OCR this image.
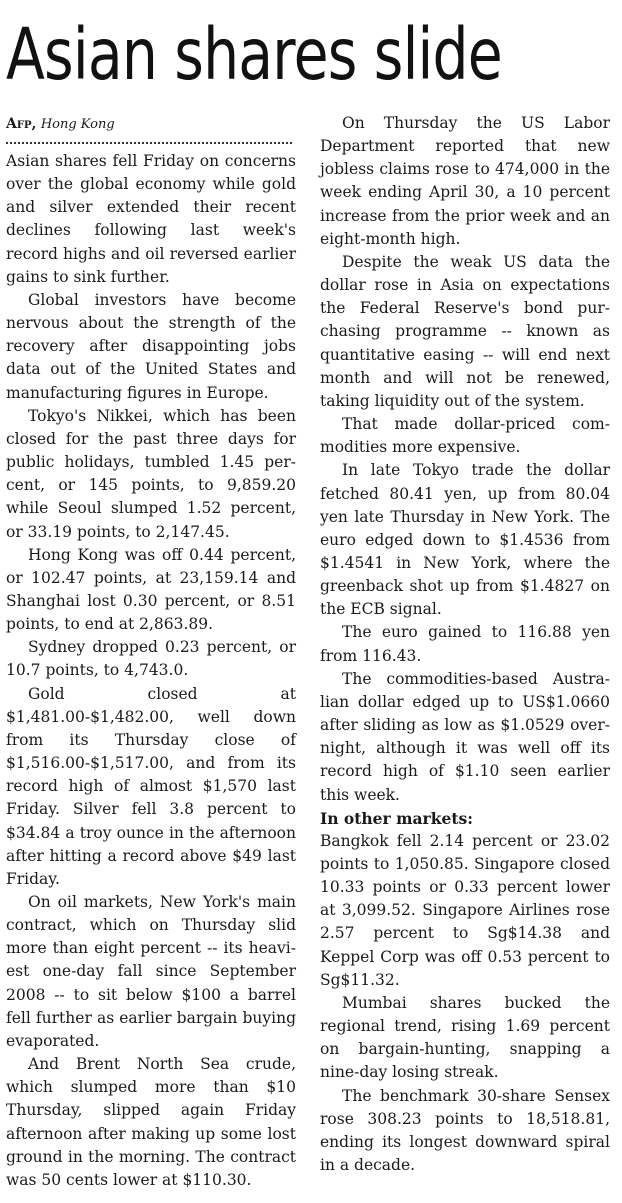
Asian shares slide
Afp, Hong Kong

Asian shares fell Friday on concerns over the global economy while gold and silver extended their recent declines following last week's record highs and oil reversed earlier gains to sink further.

Global investors have become nervous about the strength of the recovery after disappointing jobs data out of the United States and manufacturing figures in Europe.

Tokyo's Nikkei, which has been closed for the past three days for public holidays, tumbled 1.45 percent, or 145 points, to 9,859.20 while Seoul slumped 1.52 percent, or 33.19 points, to 2,147.45.

Hong Kong was off 0.44 percent, or 102.47 points, at 23,159.14 and Shanghai lost 0.30 percent, or 8.51 points, to end at 2,863.89.

Sydney dropped 0.23 percent, or 10.7 points, to 4,743.0.

Gold closed at $1,481.00-$1,482.00, well down from its Thursday close of $1,516.00-$1,517.00, and from its record high of almost $1,570 last Friday. Silver fell 3.8 percent to $34.84 a troy ounce in the afternoon after hitting a record above $49 last Friday.

On oil markets, New York's main contract, which on Thursday slid more than eight percent -- its heaviest one-day fall since September 2008 -- to sit below $100 a barrel fell further as earlier bargain buying evaporated.

And Brent North Sea crude, which slumped more than $10 Thursday, slipped again Friday afternoon after making up some lost ground in the morning. The contract was 50 cents lower at $110.30.

On Thursday the US Labor Department reported that new jobless claims rose to 474,000 in the week ending April 30, a 10 percent increase from the prior week and an eight-month high.

Despite the weak US data the dollar rose in Asia on expectations the Federal Reserve's bond purchasing programme -- known as quantitative easing -- will end next month and will not be renewed, taking liquidity out of the system.

That made dollar-priced commodities more expensive.

In late Tokyo trade the dollar fetched 80.41 yen, up from 80.04 yen late Thursday in New York. The euro edged down to $1.4536 from $1.4541 in New York, where the greenback shot up from $1.4827 on the ECB signal.

The euro gained to 116.88 yen from 116.43.

The commodities-based Australian dollar edged up to US$1.0660 after sliding as low as $1.0529 overnight, although it was well off its record high of $1.10 seen earlier this week.

In other markets:

Bangkok fell 2.14 percent or 23.02 points to 1,050.85. Singapore closed 10.33 points or 0.33 percent lower at 3,099.52. Singapore Airlines rose 2.57 percent to Sg$14.38 and Keppel Corp was off 0.53 percent to Sg$11.32.

Mumbai shares bucked the regional trend, rising 1.69 percent on bargain-hunting, snapping a nine-day losing streak.

The benchmark 30-share Sensex rose 308.23 points to 18,518.81, ending its longest downward spiral in a decade.
